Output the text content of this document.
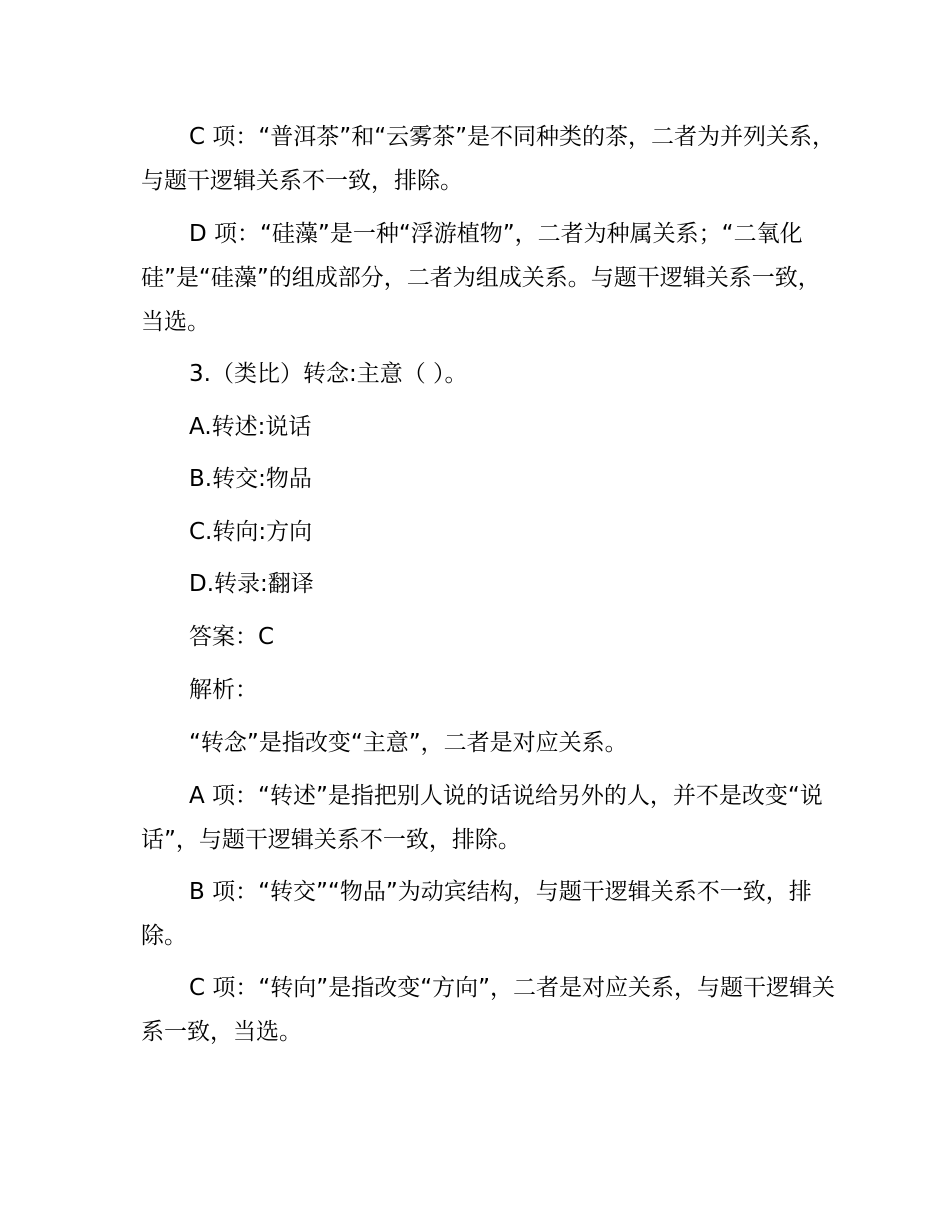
C 项：“普洱茶”和“云雾茶”是不同种类的茶，二者为并列关系，与题干逻辑关系不一致，排除。

D 项：“硅藻”是一种“浮游植物”，二者为种属关系；“二氧化硅”是“硅藻”的组成部分，二者为组成关系。与题干逻辑关系一致，当选。

3.（类比）转念:主意（ ）。

A.转述:说话

B.转交:物品

C.转向:方向

D.转录:翻译

答案：C

解析：

“转念”是指改变“主意”，二者是对应关系。

A 项：“转述”是指把别人说的话说给另外的人，并不是改变“说话”，与题干逻辑关系不一致，排除。

B 项：“转交”“物品”为动宾结构，与题干逻辑关系不一致，排除。

C 项：“转向”是指改变“方向”，二者是对应关系，与题干逻辑关系一致，当选。
